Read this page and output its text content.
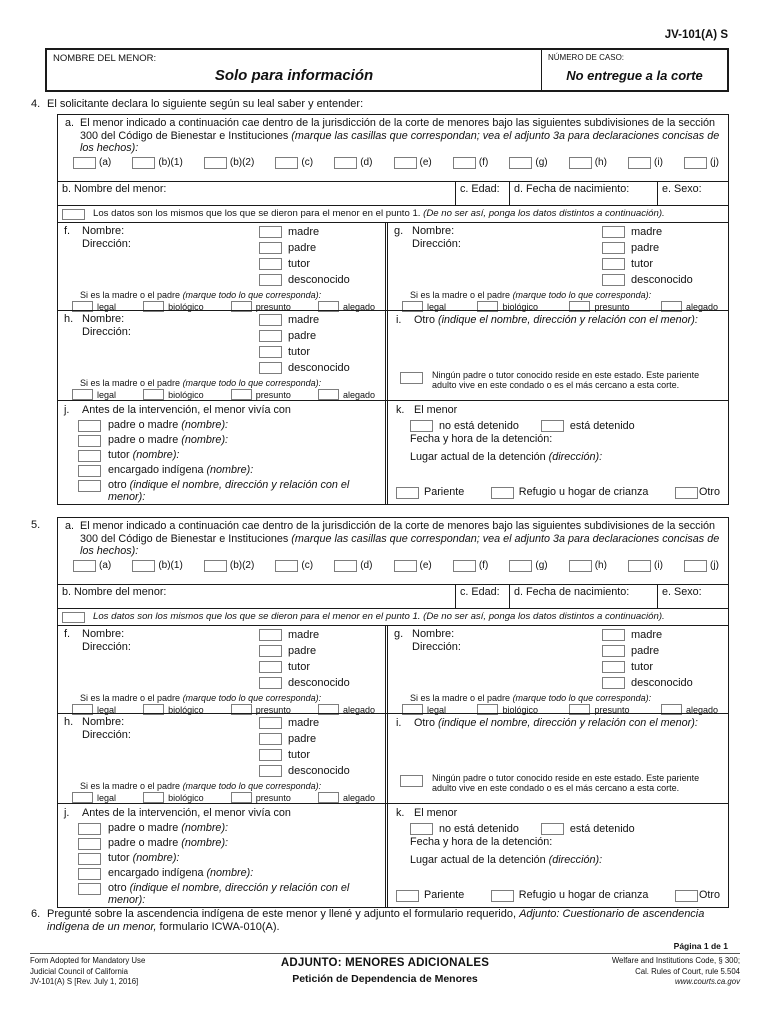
JV-101(A) S
NOMBRE DEL MENOR:
Solo para información
NÚMERO DE CASO:
No entregue a la corte
4. El solicitante declara lo siguiente según su leal saber y entender:
a. El menor indicado a continuación cae dentro de la jurisdicción de la corte de menores bajo las siguientes subdivisiones de la sección 300 del Código de Bienestar e Instituciones (marque las casillas que correspondan; vea el adjunto 3a para declaraciones concisas de los hechos):
(a)	(b)(1)	(b)(2)	(c)	(d)	(e)	(f)	(g)	(h)	(i)	(j)
b. Nombre del menor:	c. Edad:	d. Fecha de nacimiento:	e. Sexo:
Los datos son los mismos que los que se dieron para el menor en el punto 1. (De no ser así, ponga los datos distintos a continuación).
f.	Nombre:
Dirección:
madre
padre
tutor
desconocido
Si es la madre o el padre (marque todo lo que corresponda):
legal	biológico	presunto	alegado
g. Nombre:
Dirección:
madre
padre
tutor
desconocido
Si es la madre o el padre (marque todo lo que corresponda):
legal	biológico	presunto	alegado
h. Nombre:
Dirección:
madre
padre
tutor
desconocido
Si es la madre o el padre (marque todo lo que corresponda):
legal	biológico	presunto	alegado
i.	Otro (indique el nombre, dirección y relación con el menor):
Ningún padre o tutor conocido reside en este estado. Este pariente adulto vive en este condado o es el más cercano a esta corte.
j.	Antes de la intervención, el menor vivía con
padre o madre (nombre):
padre o madre (nombre):
tutor (nombre):
encargado indígena (nombre):
otro (indique el nombre, dirección y relación con el menor):
k. El menor
no está detenido	está detenido
Fecha y hora de la detención:
Lugar actual de la detención (dirección):
Pariente	Refugio u hogar de crianza	Otro
5. a. El menor indicado a continuación cae dentro de la jurisdicción de la corte de menores bajo las siguientes subdivisiones de la sección 300 del Código de Bienestar e Instituciones (marque las casillas que correspondan; vea el adjunto 3a para declaraciones concisas de los hechos):
(a)	(b)(1)	(b)(2)	(c)	(d)	(e)	(f)	(g)	(h)	(i)	(j)
b. Nombre del menor:	c. Edad:	d. Fecha de nacimiento:	e. Sexo:
Los datos son los mismos que los que se dieron para el menor en el punto 1. (De no ser así, ponga los datos distintos a continuación).
f.	Nombre:
Dirección:
madre
padre
tutor
desconocido
Si es la madre o el padre (marque todo lo que corresponda):
legal	biológico	presunto	alegado
g. Nombre:
Dirección:
madre
padre
tutor
desconocido
Si es la madre o el padre (marque todo lo que corresponda):
legal	biológico	presunto	alegado
h. Nombre:
Dirección:
madre
padre
tutor
desconocido
Si es la madre o el padre (marque todo lo que corresponda):
legal	biológico	presunto	alegado
i.	Otro (indique el nombre, dirección y relación con el menor):
Ningún padre o tutor conocido reside en este estado. Este pariente adulto vive en este condado o es el más cercano a esta corte.
j.	Antes de la intervención, el menor vivía con
padre o madre (nombre):
padre o madre (nombre):
tutor (nombre):
encargado indígena (nombre):
otro (indique el nombre, dirección y relación con el menor):
k. El menor
no está detenido	está detenido
Fecha y hora de la detención:
Lugar actual de la detención (dirección):
Pariente	Refugio u hogar de crianza	Otro
6. Pregunté sobre la ascendencia indígena de este menor y llené y adjunto el formulario requerido, Adjunto: Cuestionario de ascendencia indígena de un menor, formulario ICWA-010(A).
Página 1 de 1
Form Adopted for Mandatory Use
Judicial Council of California
JV-101(A) S [Rev. July 1, 2016]
ADJUNTO: MENORES ADICIONALES
Petición de Dependencia de Menores
Welfare and Institutions Code, § 300;
Cal. Rules of Court, rule 5.504
www.courts.ca.gov
